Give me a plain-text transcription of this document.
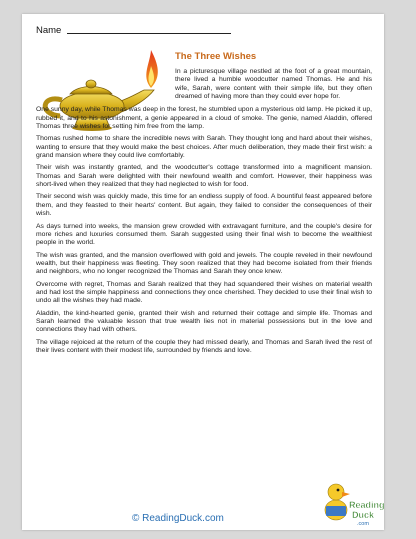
Name
The Three Wishes

In a picturesque village nestled at the foot of a great mountain, there lived a humble woodcutter named Thomas. He and his wife, Sarah, were content with their simple life, but they often dreamed of having more than they could ever hope for.

One sunny day, while Thomas was deep in the forest, he stumbled upon a mysterious old lamp. He picked it up, rubbed it, and to his astonishment, a genie appeared in a cloud of smoke. The genie, named Aladdin, offered Thomas three wishes for setting him free from the lamp.

Thomas rushed home to share the incredible news with Sarah. They thought long and hard about their wishes, wanting to ensure that they would make the best choices. After much deliberation, they made their first wish: a grand mansion where they could live comfortably.

Their wish was instantly granted, and the woodcutter's cottage transformed into a magnificent mansion. Thomas and Sarah were delighted with their newfound wealth and comfort. However, their happiness was short-lived when they realized that they had neglected to wish for food.

Their second wish was quickly made, this time for an endless supply of food. A bountiful feast appeared before them, and they feasted to their hearts' content. But again, they failed to consider the consequences of their wish.

As days turned into weeks, the mansion grew crowded with extravagant furniture, and the couple's desire for more riches and luxuries consumed them. Sarah suggested using their final wish to become the wealthiest people in the world.

The wish was granted, and the mansion overflowed with gold and jewels. The couple reveled in their newfound wealth, but their happiness was fleeting. They soon realized that they had become isolated from their friends and neighbors, who no longer recognized the Thomas and Sarah they once knew.

Overcome with regret, Thomas and Sarah realized that they had squandered their wishes on material wealth and had lost the simple happiness and connections they once cherished. They decided to use their final wish to undo all the wishes they had made.

Aladdin, the kind-hearted genie, granted their wish and returned their cottage and simple life. Thomas and Sarah learned the valuable lesson that true wealth lies not in material possessions but in the love and connections they had with others.

The village rejoiced at the return of the couple they had missed dearly, and Thomas and Sarah lived the rest of their lives content with their modest life, surrounded by friends and love.

© ReadingDuck.com
Reading
Duck
.com
